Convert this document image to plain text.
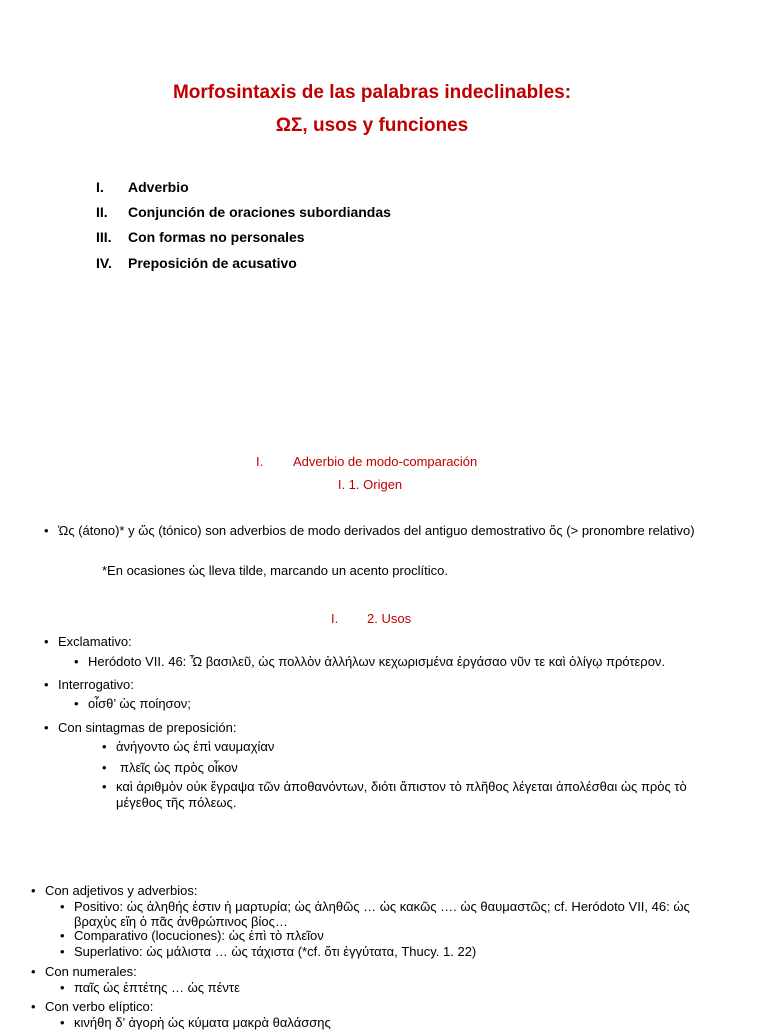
Morfosintaxis de las palabras indeclinables:
ΩΣ, usos y funciones
I. Adverbio
II. Conjunción de oraciones subordiandas
III. Con formas no personales
IV. Preposición de acusativo
I. Adverbio de modo-comparación
I. 1. Origen
• Ὡς (átono)* y ὥς (tónico) son adverbios de modo derivados del antiguo demostrativo ὅς (> pronombre relativo)
*En ocasiones ὡς lleva tilde, marcando un acento proclítico.
I. 2. Usos
• Exclamativo:
• Heródoto VII. 46: Ὦ βασιλεῦ, ὡς πολλὸν ἀλλήλων κεχωρισμένα ἐργάσαο νῦν τε καὶ ὀλίγῳ πρότερον.
• Interrogativo:
• οἶσθ’ ὡς ποίησον;
• Con sintagmas de preposición:
• ἀνήγοντο ὡς ἐπὶ ναυμαχίαν
• πλεῖς ὡς πρὸς οἶκον
• καὶ ἀριθμὸν οὐκ ἔγραψα τῶν ἀποθανόντων, διότι ἄπιστον τὸ πλῆθος λέγεται ἀπολέσθαι ὡς πρὸς τὸ μέγεθος τῆς πόλεως.
• Con adjetivos y adverbios:
• Positivo: ὡς ἀληθής ἐστιν ἡ μαρτυρία; ὡς ἀληθῶς … ὡς κακῶς …. ὡς θαυμαστῶς; cf. Heródoto VII, 46: ὡς βραχὺς εἴη ὁ πᾶς ἀνθρώπινος βίος…
• Comparativo (locuciones): ὡς ἐπὶ τὸ πλεῖον
• Superlativo: ὡς μάλιστα … ὡς τάχιστα (*cf. ὅτι ἐγγύτατα, Thucy. 1. 22)
• Con numerales:
• παῖς ὡς ἑπτέτης … ὡς πέντε
• Con verbo elíptico:
• κινήθη δ’ ἀγορὴ ὡς κύματα μακρὰ θαλάσσης
